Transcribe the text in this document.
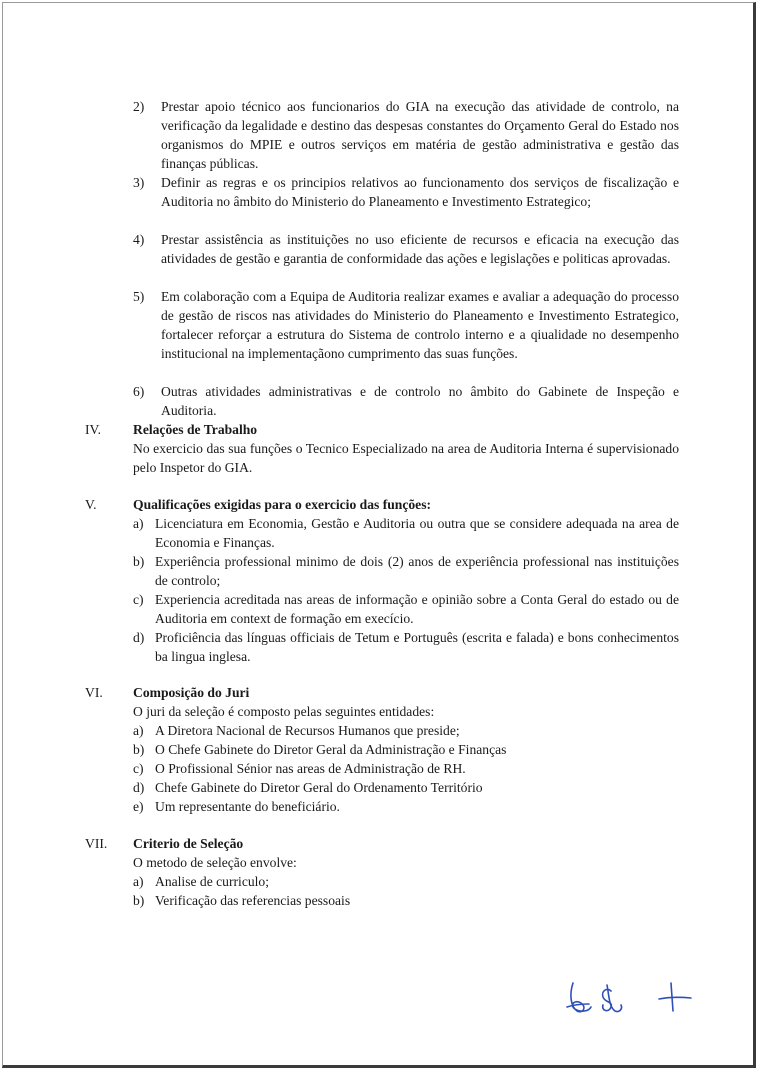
2) Prestar apoio técnico aos funcionarios do GIA na execução das atividade de controlo, na verificação da legalidade e destino das despesas constantes do Orçamento Geral do Estado nos organismos do MPIE e outros serviços em matéria de gestão administrativa e gestão das finanças públicas.
3) Definir as regras e os principios relativos ao funcionamento dos serviços de fiscalização e Auditoria no âmbito do Ministerio do Planeamento e Investimento Estrategico;
4) Prestar assistência as instituições no uso eficiente de recursos e eficacia na execução das atividades de gestão e garantia de conformidade das ações e legislações e politicas aprovadas.
5) Em colaboração com a Equipa de Auditoria realizar exames e avaliar a adequação do processo de gestão de riscos nas atividades do Ministerio do Planeamento e Investimento Estrategico, fortalecer reforçar a estrutura do Sistema de controlo interno e a qiualidade no desempenho institucional na implementaçãono cumprimento das suas funções.
6) Outras atividades administrativas e de controlo no âmbito do Gabinete de Inspeção e Auditoria.
IV. Relações de Trabalho
No exercicio das sua funções o Tecnico Especializado na area de Auditoria Interna é supervisionado pelo Inspetor do GIA.
V.	Qualificações exigidas para o exercicio das funções:
a) Licenciatura em Economia, Gestão e Auditoria ou outra que se considere adequada na area de Economia e Finanças.
b) Experiência professional minimo de dois (2) anos de experiência professional nas instituições de controlo;
c) Experiencia acreditada nas areas de informação e opinião sobre a Conta Geral do estado ou de Auditoria em context de formação em execício.
d) Proficiência das línguas officiais de Tetum e Português (escrita e falada) e bons conhecimentos ba lingua inglesa.
VI. Composição do Juri
O juri da seleção é composto pelas seguintes entidades:
a) A Diretora Nacional de Recursos Humanos que preside;
b) O Chefe Gabinete do Diretor Geral da Administração e Finanças
c) O Profissional Sénior nas areas de Administração de RH.
d) Chefe Gabinete do Diretor Geral do Ordenamento Território
e) Um representante do beneficiário.
VII. Criterio de Seleção
O metodo de seleção envolve:
a) Analise de curriculo;
b) Verificação das referencias pessoais
